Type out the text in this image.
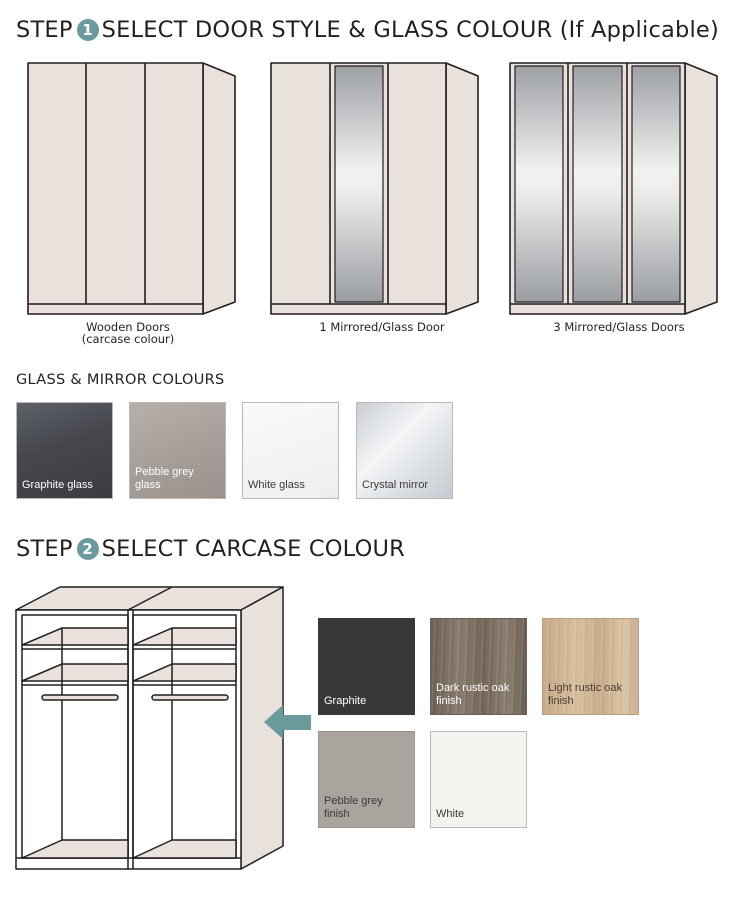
STEP 1 SELECT DOOR STYLE & GLASS COLOUR (If Applicable)
Wooden Doors
(carcase colour)
1 Mirrored/Glass Door	3 Mirrored/Glass Doors
GLASS & MIRROR COLOURS
Graphite glass
Pebble grey glass	White glass	Crystal mirror
STEP 2 SELECT CARCASE COLOUR
Graphite
Dark rustic oak finish
Light rustic oak finish
Pebble grey finish	White
